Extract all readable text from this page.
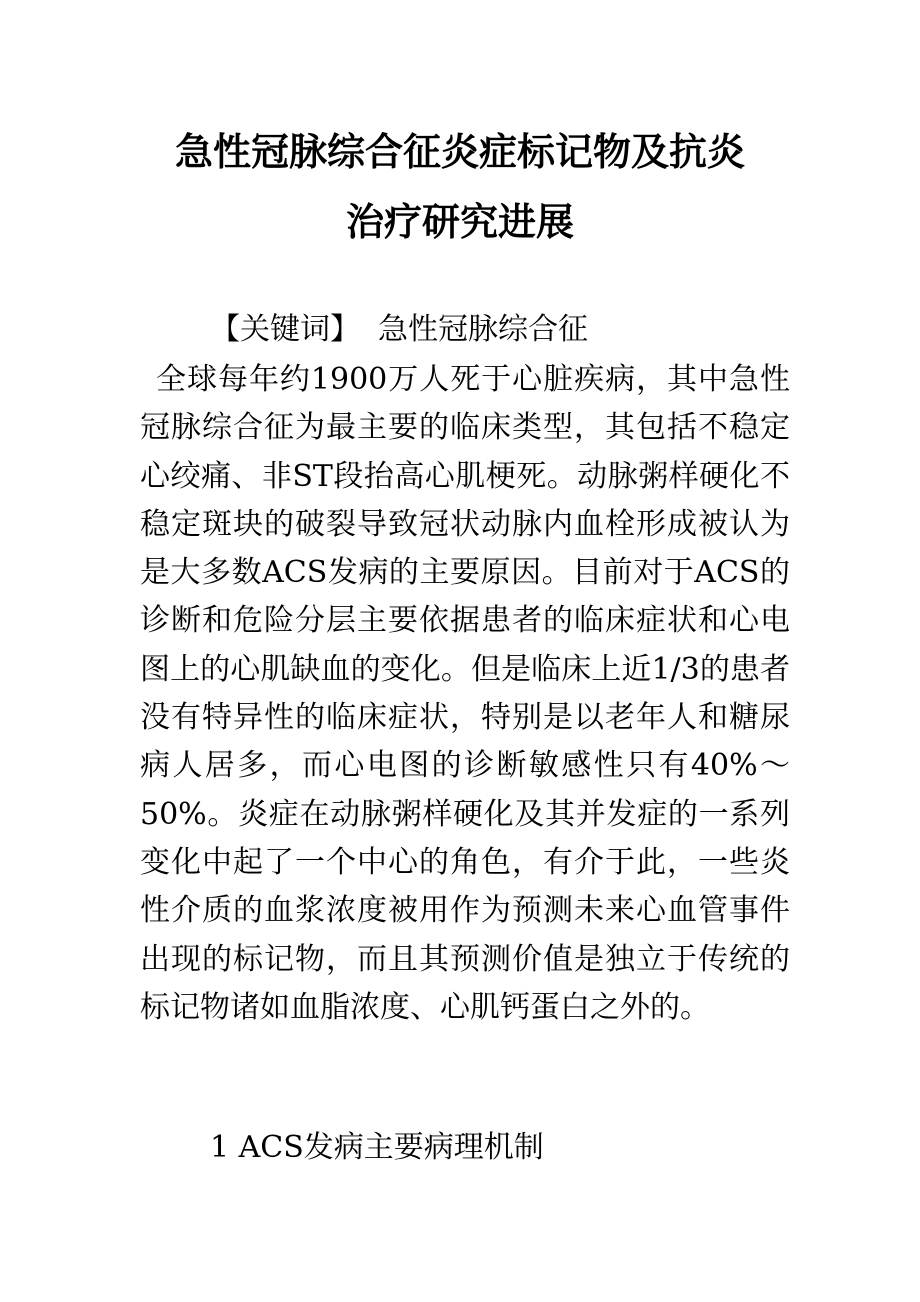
急性冠脉综合征炎症标记物及抗炎
治疗研究进展
【关键词】 急性冠脉综合征

全球每年约1900万人死于心脏疾病，其中急性冠脉综合征为最主要的临床类型，其包括不稳定心绞痛、非ST段抬高心肌梗死。动脉粥样硬化不稳定斑块的破裂导致冠状动脉内血栓形成被认为是大多数ACS发病的主要原因。目前对于ACS的诊断和危险分层主要依据患者的临床症状和心电图上的心肌缺血的变化。但是临床上近1/3的患者没有特异性的临床症状，特别是以老年人和糖尿病人居多，而心电图的诊断敏感性只有40%～50%。炎症在动脉粥样硬化及其并发症的一系列变化中起了一个中心的角色，有介于此，一些炎性介质的血浆浓度被用作为预测未来心血管事件出现的标记物，而且其预测价值是独立于传统的标记物诸如血脂浓度、心肌钙蛋白之外的。

1 ACS发病主要病理机制
